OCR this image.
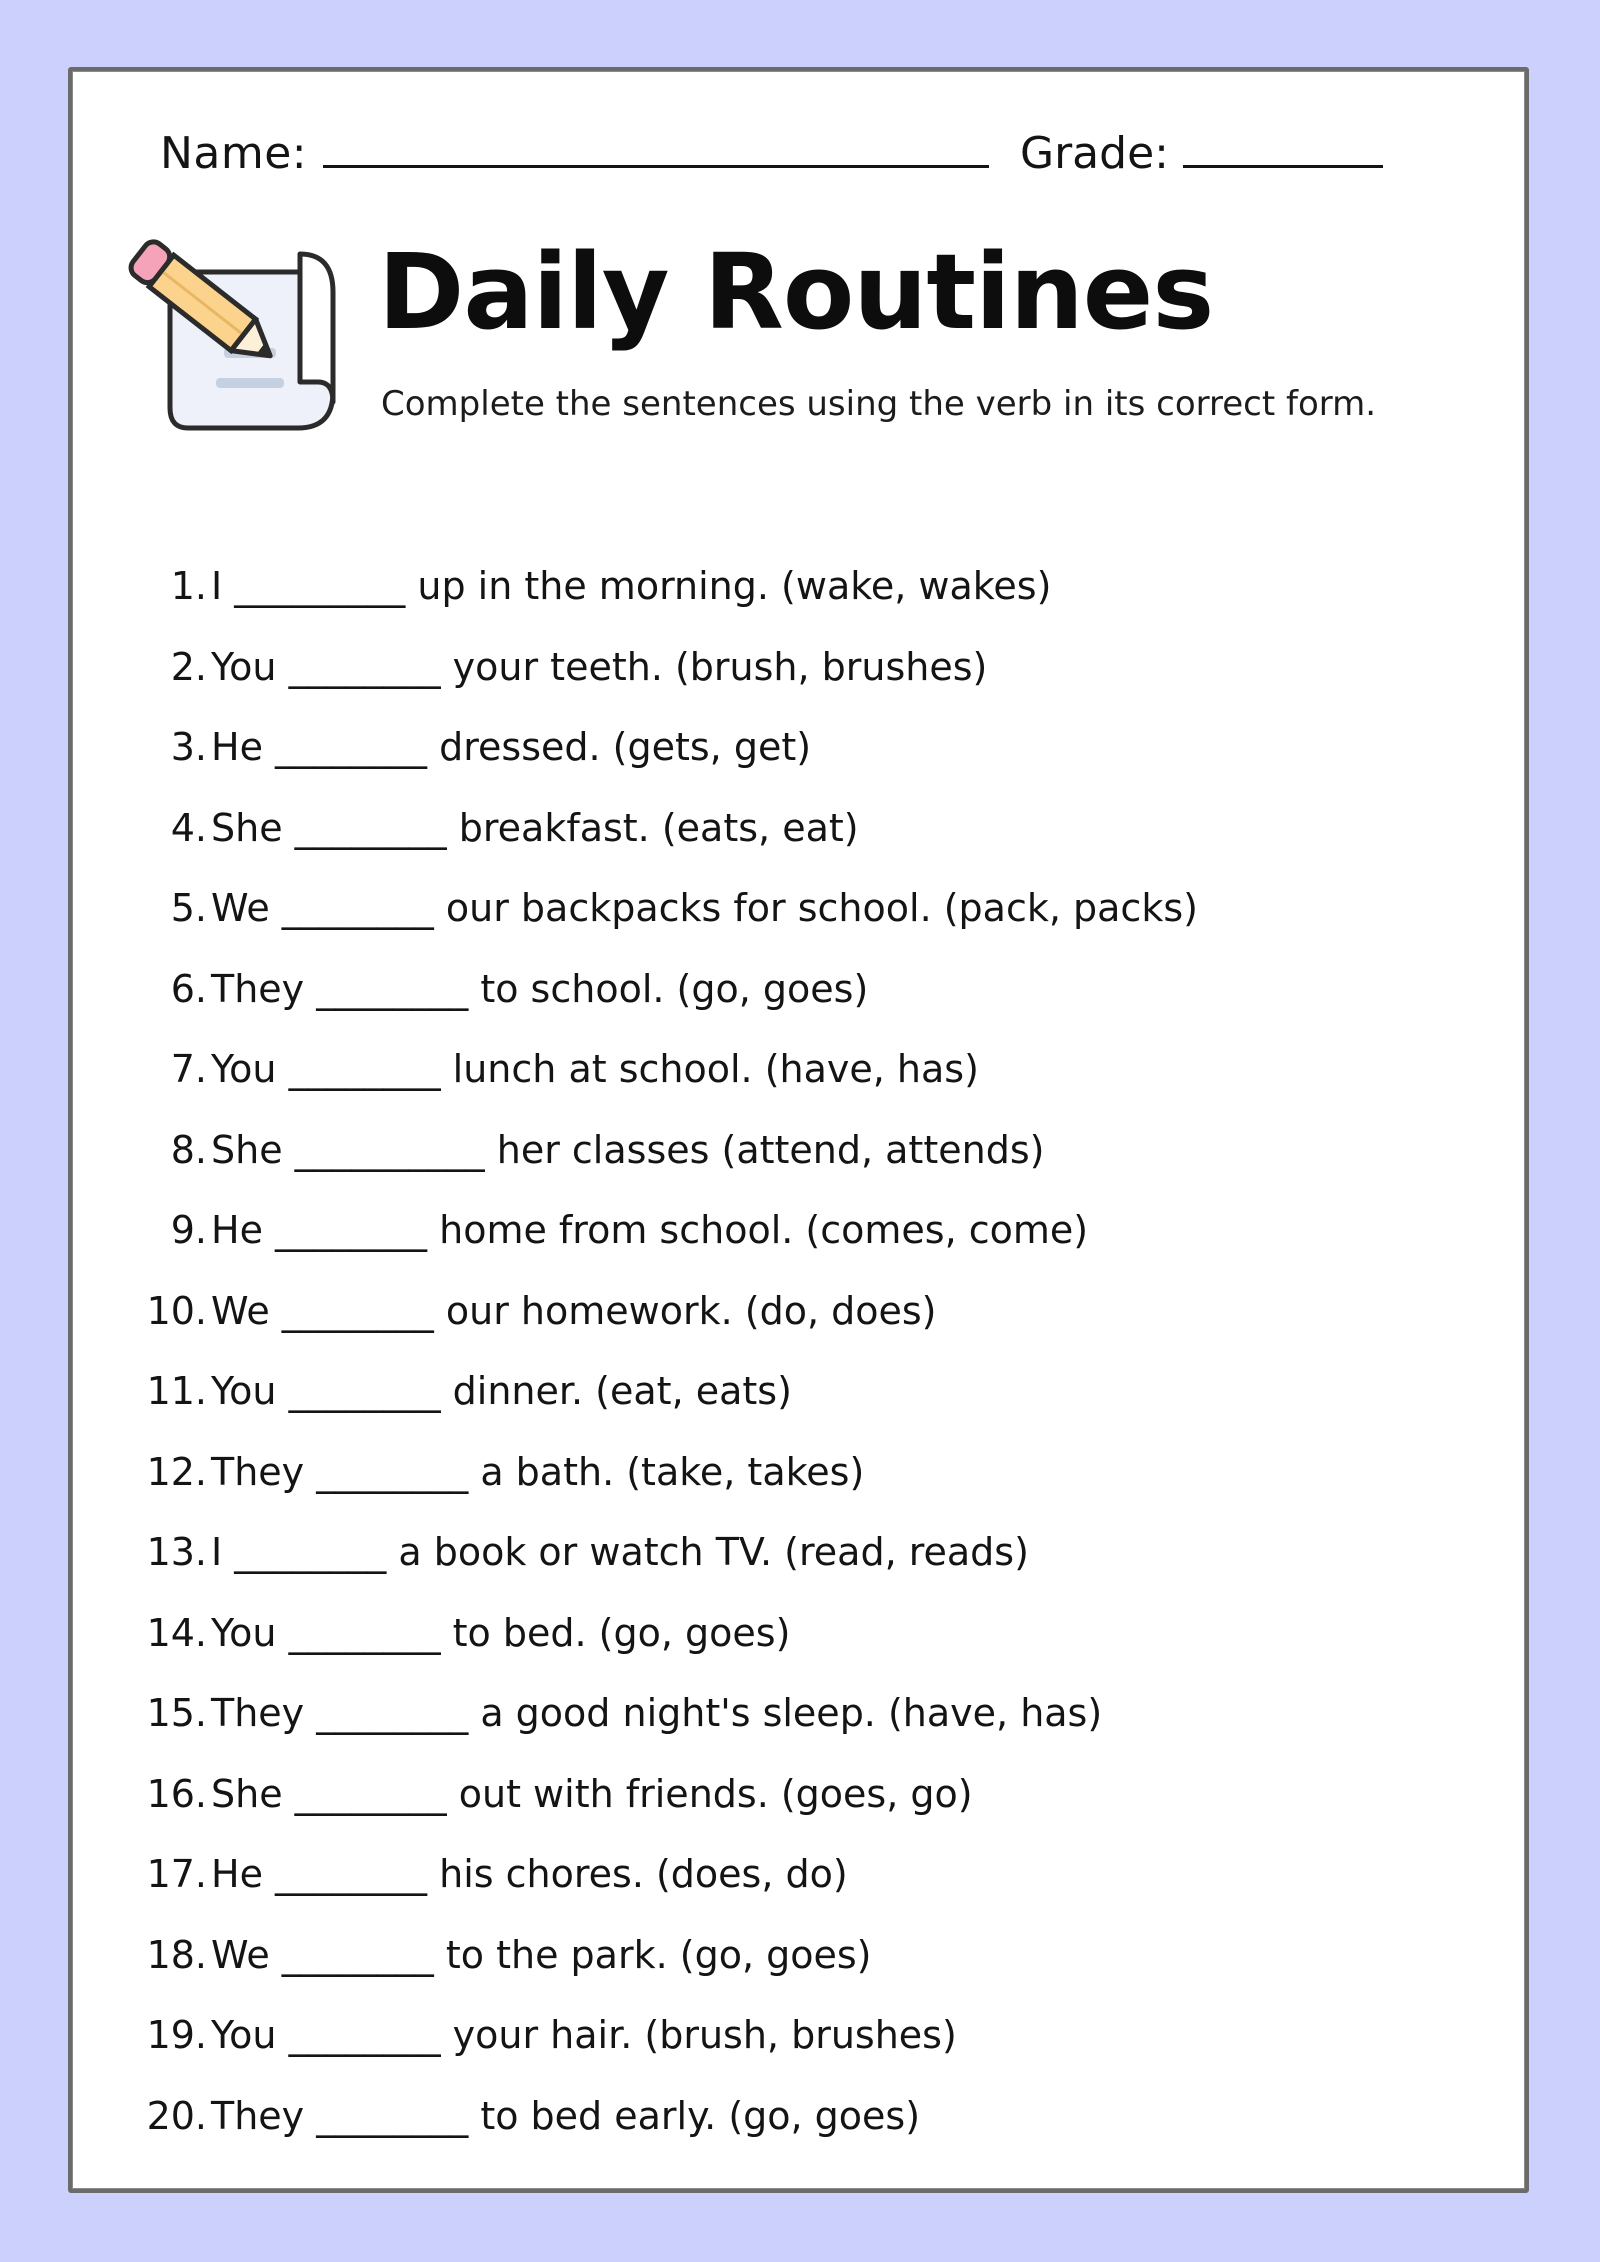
Name:	Grade:
Daily Routines
Complete the sentences using the verb in its correct form.
1. I _________ up in the morning. (wake, wakes)
2. You ________ your teeth. (brush, brushes)
3. He ________ dressed. (gets, get)
4. She ________ breakfast. (eats, eat)
5. We ________ our backpacks for school. (pack, packs)
6. They ________ to school. (go, goes)
7. You ________ lunch at school. (have, has)
8. She __________ her classes (attend, attends)
9. He ________ home from school. (comes, come)
10. We ________ our homework. (do, does)
11. You ________ dinner. (eat, eats)
12. They ________ a bath. (take, takes)
13. I ________ a book or watch TV. (read, reads)
14. You ________ to bed. (go, goes)
15. They ________ a good night's sleep. (have, has)
16. She ________ out with friends. (goes, go)
17. He ________ his chores. (does, do)
18. We ________ to the park. (go, goes)
19. You ________ your hair. (brush, brushes)
20. They ________ to bed early. (go, goes)
